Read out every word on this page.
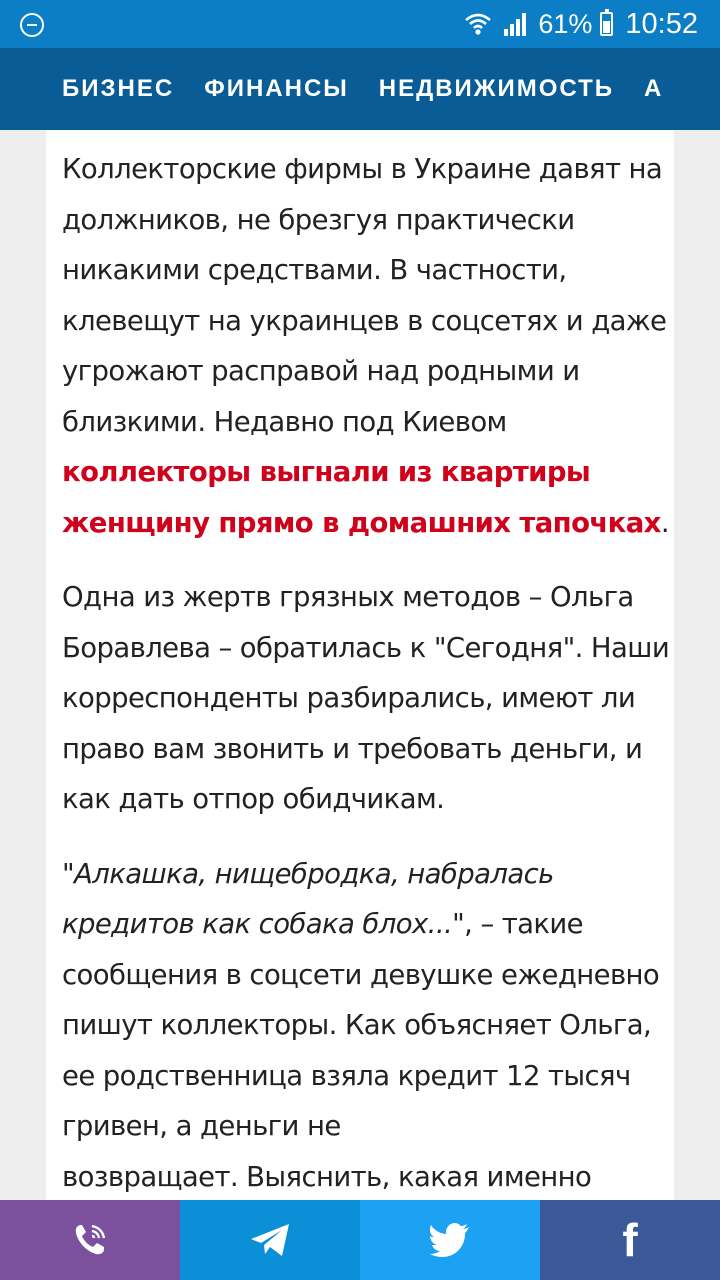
61% 10:52
БИЗНЕС ФИНАНСЫ НЕДВИЖИМОСТЬ А

Коллекторские фирмы в Украине давят на должников, не брезгуя практически никакими средствами. В частности, клевещут на украинцев в соцсетях и даже угрожают расправой над родными и близкими. Недавно под Киевом коллекторы выгнали из квартиры женщину прямо в домашних тапочках.

Одна из жертв грязных методов – Ольга Боравлева – обратилась к "Сегодня". Наши корреспонденты разбирались, имеют ли право вам звонить и требовать деньги, и как дать отпор обидчикам.

"Алкашка, нищебродка, набралась кредитов как собака блох...", – такие сообщения в соцсети девушке ежедневно пишут коллекторы. Как объясняет Ольга, ее родственница взяла кредит 12 тысяч гривен, а деньги не
возвращает. Выяснить, какая именно

f
